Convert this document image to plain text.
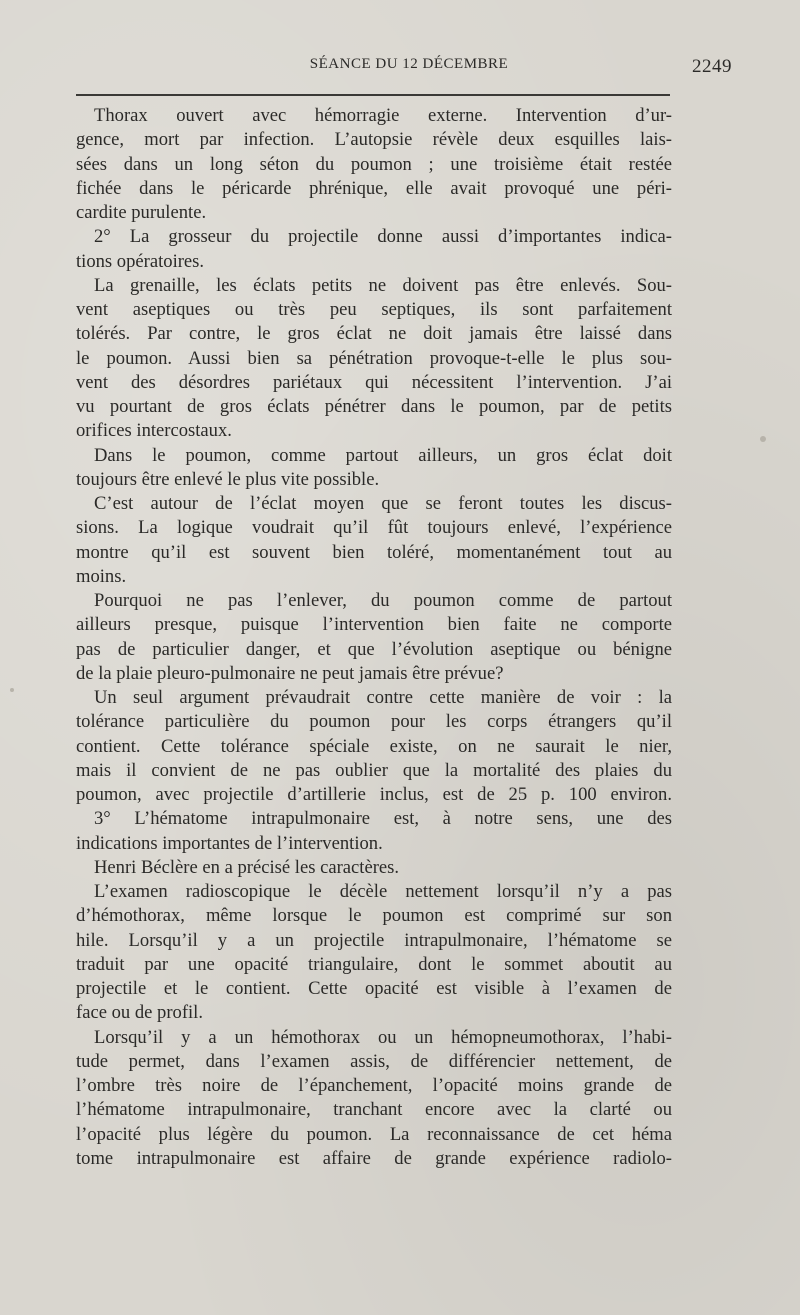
SÉANCE DU 12 DÉCEMBRE	2249
Thorax ouvert avec hémorragie externe. Intervention d’ur-
gence, mort par infection. L’autopsie révèle deux esquilles lais-
sées dans un long séton du poumon ; une troisième était restée
fichée dans le péricarde phrénique, elle avait provoqué une péri-
cardite purulente.
2° La grosseur du projectile donne aussi d’importantes indica-
tions opératoires.
La grenaille, les éclats petits ne doivent pas être enlevés. Sou-
vent aseptiques ou très peu septiques, ils sont parfaitement
tolérés. Par contre, le gros éclat ne doit jamais être laissé dans
le poumon. Aussi bien sa pénétration provoque-t-elle le plus sou-
vent des désordres pariétaux qui nécessitent l’intervention. J’ai
vu pourtant de gros éclats pénétrer dans le poumon, par de petits
orifices intercostaux.
Dans le poumon, comme partout ailleurs, un gros éclat doit
toujours être enlevé le plus vite possible.
C’est autour de l’éclat moyen que se feront toutes les discus-
sions. La logique voudrait qu’il fût toujours enlevé, l’expérience
montre qu’il est souvent bien toléré, momentanément tout au
moins.
Pourquoi ne pas l’enlever, du poumon comme de partout
ailleurs presque, puisque l’intervention bien faite ne comporte
pas de particulier danger, et que l’évolution aseptique ou bénigne
de la plaie pleuro-pulmonaire ne peut jamais être prévue?
Un seul argument prévaudrait contre cette manière de voir : la
tolérance particulière du poumon pour les corps étrangers qu’il
contient. Cette tolérance spéciale existe, on ne saurait le nier,
mais il convient de ne pas oublier que la mortalité des plaies du
poumon, avec projectile d’artillerie inclus, est de 25 p. 100 environ.
3° L’hématome intrapulmonaire est, à notre sens, une des
indications importantes de l’intervention.
Henri Béclère en a précisé les caractères.
L’examen radioscopique le décèle nettement lorsqu’il n’y a pas
d’hémothorax, même lorsque le poumon est comprimé sur son
hile. Lorsqu’il y a un projectile intrapulmonaire, l’hématome se
traduit par une opacité triangulaire, dont le sommet aboutit au
projectile et le contient. Cette opacité est visible à l’examen de
face ou de profil.
Lorsqu’il y a un hémothorax ou un hémopneumothorax, l’habi-
tude permet, dans l’examen assis, de différencier nettement, de
l’ombre très noire de l’épanchement, l’opacité moins grande de
l’hématome intrapulmonaire, tranchant encore avec la clarté ou
l’opacité plus légère du poumon. La reconnaissance de cet héma
tome intrapulmonaire est affaire de grande expérience radiolo-
